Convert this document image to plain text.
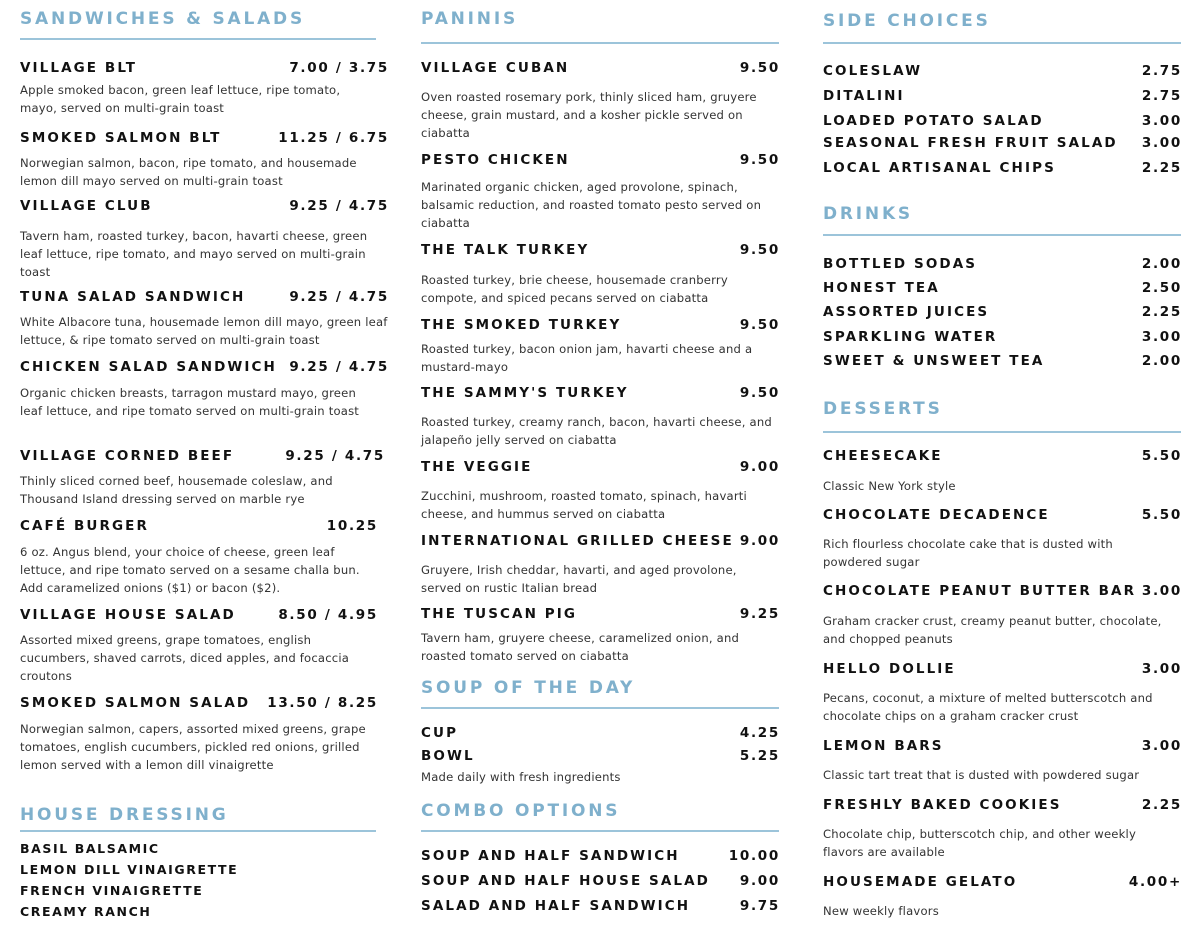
SANDWICHES & SALADS
VILLAGE BLT	7.00 / 3.75
Apple smoked bacon, green leaf lettuce, ripe tomato, mayo, served on multi-grain toast
SMOKED SALMON BLT	11.25 / 6.75
Norwegian salmon, bacon, ripe tomato, and housemade lemon dill mayo served on multi-grain toast
VILLAGE CLUB	9.25 / 4.75
Tavern ham, roasted turkey, bacon, havarti cheese, green leaf lettuce, ripe tomato, and mayo served on multi-grain toast
TUNA SALAD SANDWICH	9.25 / 4.75
White Albacore tuna, housemade lemon dill mayo, green leaf lettuce, & ripe tomato served on multi-grain toast
CHICKEN SALAD SANDWICH 9.25 / 4.75
Organic chicken breasts, tarragon mustard mayo, green leaf lettuce, and ripe tomato served on multi-grain toast
VILLAGE CORNED BEEF	9.25 / 4.75
Thinly sliced corned beef, housemade coleslaw, and Thousand Island dressing served on marble rye
CAFÉ BURGER	10.25
6 oz. Angus blend, your choice of cheese, green leaf lettuce, and ripe tomato served on a sesame challa bun. Add caramelized onions ($1) or bacon ($2).
VILLAGE HOUSE SALAD	8.50 / 4.95
Assorted mixed greens, grape tomatoes, english cucumbers, shaved carrots, diced apples, and focaccia croutons
SMOKED SALMON SALAD 13.50 / 8.25
Norwegian salmon, capers, assorted mixed greens, grape tomatoes, english cucumbers, pickled red onions, grilled lemon served with a lemon dill vinaigrette
HOUSE DRESSING
BASIL BALSAMIC
LEMON DILL VINAIGRETTE
FRENCH VINAIGRETTE
CREAMY RANCH
PANINIS
VILLAGE CUBAN	9.50
Oven roasted rosemary pork, thinly sliced ham, gruyere cheese, grain mustard, and a kosher pickle served on ciabatta
PESTO CHICKEN	9.50
Marinated organic chicken, aged provolone, spinach, balsamic reduction, and roasted tomato pesto served on ciabatta
THE TALK TURKEY	9.50
Roasted turkey, brie cheese, housemade cranberry compote, and spiced pecans served on ciabatta
THE SMOKED TURKEY	9.50
Roasted turkey, bacon onion jam, havarti cheese and a mustard-mayo
THE SAMMY'S TURKEY	9.50
Roasted turkey, creamy ranch, bacon, havarti cheese, and jalapeño jelly served on ciabatta
THE VEGGIE	9.00
Zucchini, mushroom, roasted tomato, spinach, havarti cheese, and hummus served on ciabatta
INTERNATIONAL GRILLED CHEESE 9.00
Gruyere, Irish cheddar, havarti, and aged provolone, served on rustic Italian bread
THE TUSCAN PIG	9.25
Tavern ham, gruyere cheese, caramelized onion, and roasted tomato served on ciabatta
SOUP OF THE DAY
CUP	4.25
BOWL	5.25
Made daily with fresh ingredients
COMBO OPTIONS
SOUP AND HALF SANDWICH	10.00
SOUP AND HALF HOUSE SALAD 9.00
SALAD AND HALF SANDWICH	9.75
SIDE CHOICES
COLESLAW	2.75
DITALINI	2.75
LOADED POTATO SALAD	3.00
SEASONAL FRESH FRUIT SALAD 3.00
LOCAL ARTISANAL CHIPS	2.25
DRINKS
BOTTLED SODAS	2.00
HONEST TEA	2.50
ASSORTED JUICES	2.25
SPARKLING WATER	3.00
SWEET & UNSWEET TEA	2.00
DESSERTS
CHEESECAKE	5.50
Classic New York style
CHOCOLATE DECADENCE	5.50
Rich flourless chocolate cake that is dusted with powdered sugar
CHOCOLATE PEANUT BUTTER BAR 3.00
Graham cracker crust, creamy peanut butter, chocolate, and chopped peanuts
HELLO DOLLIE	3.00
Pecans, coconut, a mixture of melted butterscotch and chocolate chips on a graham cracker crust
LEMON BARS	3.00
Classic tart treat that is dusted with powdered sugar
FRESHLY BAKED COOKIES	2.25
Chocolate chip, butterscotch chip, and other weekly flavors are available
HOUSEMADE GELATO	4.00+
New weekly flavors
